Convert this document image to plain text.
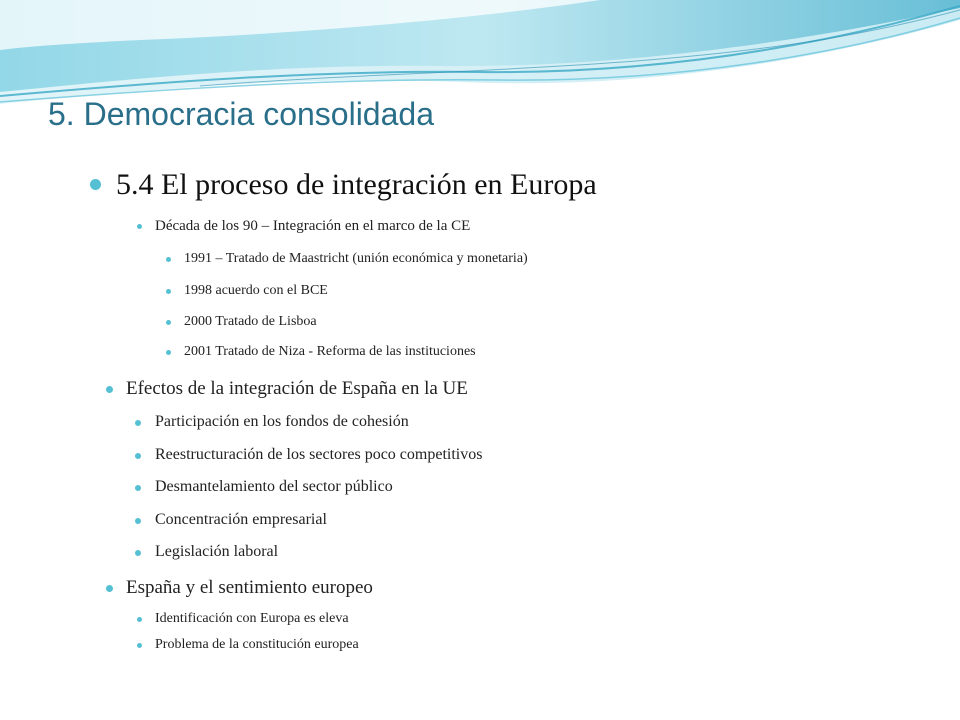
5. Democracia consolidada
5.4 El proceso de integración en Europa
Década de los 90 – Integración en el marco de la CE
1991 – Tratado de Maastricht (unión económica y monetaria)
1998 acuerdo con el BCE
2000 Tratado de Lisboa
2001 Tratado de Niza - Reforma de las instituciones
Efectos de la integración de España en la UE
Participación en los fondos de cohesión
Reestructuración de los sectores poco competitivos
Desmantelamiento del sector público
Concentración empresarial
Legislación laboral
España y el sentimiento europeo
Identificación con Europa es eleva
Problema de la constitución europea
